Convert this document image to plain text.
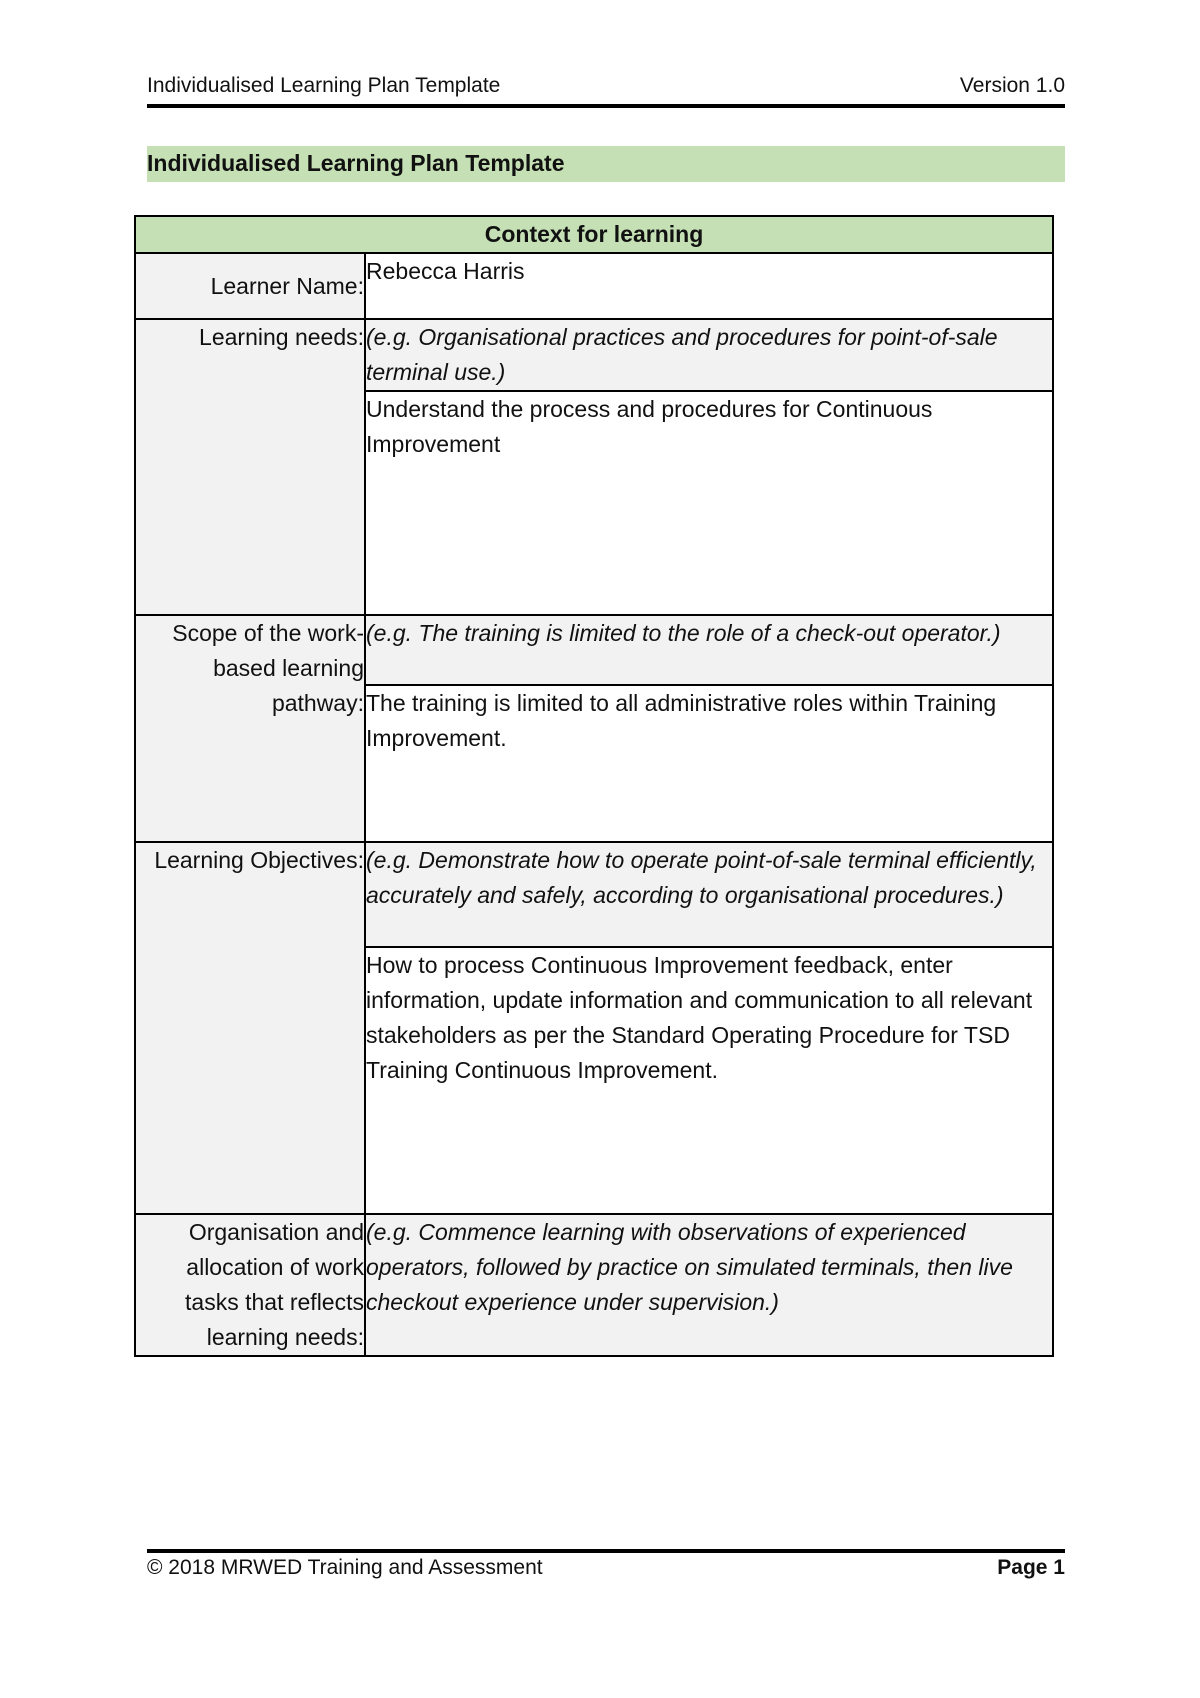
Individualised Learning Plan Template	Version 1.0
Individualised Learning Plan Template
Context for learning	
Learner Name:	Rebecca Harris
Learning needs:	(e.g. Organisational practices and procedures for point-of-sale terminal use.)
	Understand the process and procedures for Continuous Improvement
Scope of the work-based learning pathway:	(e.g. The training is limited to the role of a check-out operator.)
	The training is limited to all administrative roles within Training Improvement.
Learning Objectives:	(e.g. Demonstrate how to operate point-of-sale terminal efficiently, accurately and safely, according to organisational procedures.)
	How to process Continuous Improvement feedback, enter information, update information and communication to all relevant stakeholders as per the Standard Operating Procedure for TSD Training Continuous Improvement.
Organisation and allocation of work tasks that reflects learning needs:	(e.g. Commence learning with observations of experienced operators, followed by practice on simulated terminals, then live checkout experience under supervision.)
© 2018 MRWED Training and Assessment	Page 1
